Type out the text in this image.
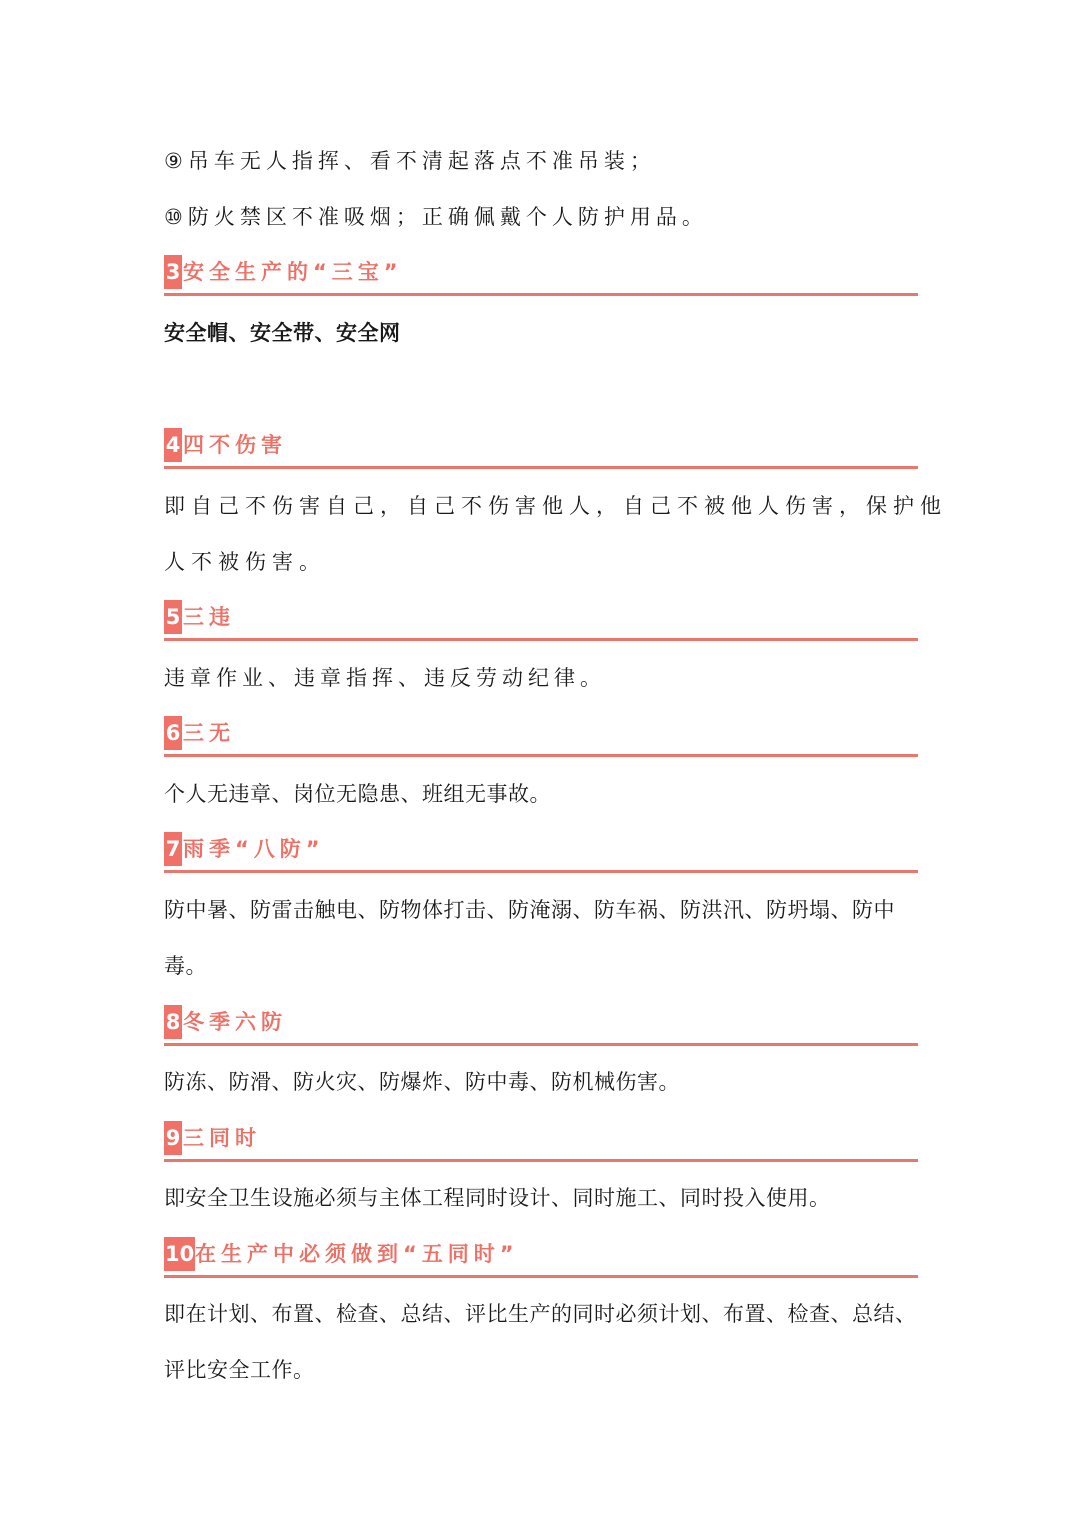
⑨吊车无人指挥、看不清起落点不准吊装；
⑩防火禁区不准吸烟；正确佩戴个人防护用品。
3 安全生产的“三宝”
安全帽、安全带、安全网
4 四不伤害
即自己不伤害自己，自己不伤害他人，自己不被他人伤害，保护他
人不被伤害。
5 三违
违章作业、违章指挥、违反劳动纪律。
6 三无
个人无违章、岗位无隐患、班组无事故。
7 雨季“八防”
防中暑、防雷击触电、防物体打击、防淹溺、防车祸、防洪汛、防坍塌、防中
毒。
8 冬季六防
防冻、防滑、防火灾、防爆炸、防中毒、防机械伤害。
9 三同时
即安全卫生设施必须与主体工程同时设计、同时施工、同时投入使用。
10 在生产中必须做到“五同时”
即在计划、布置、检查、总结、评比生产的同时必须计划、布置、检查、总结、
评比安全工作。
